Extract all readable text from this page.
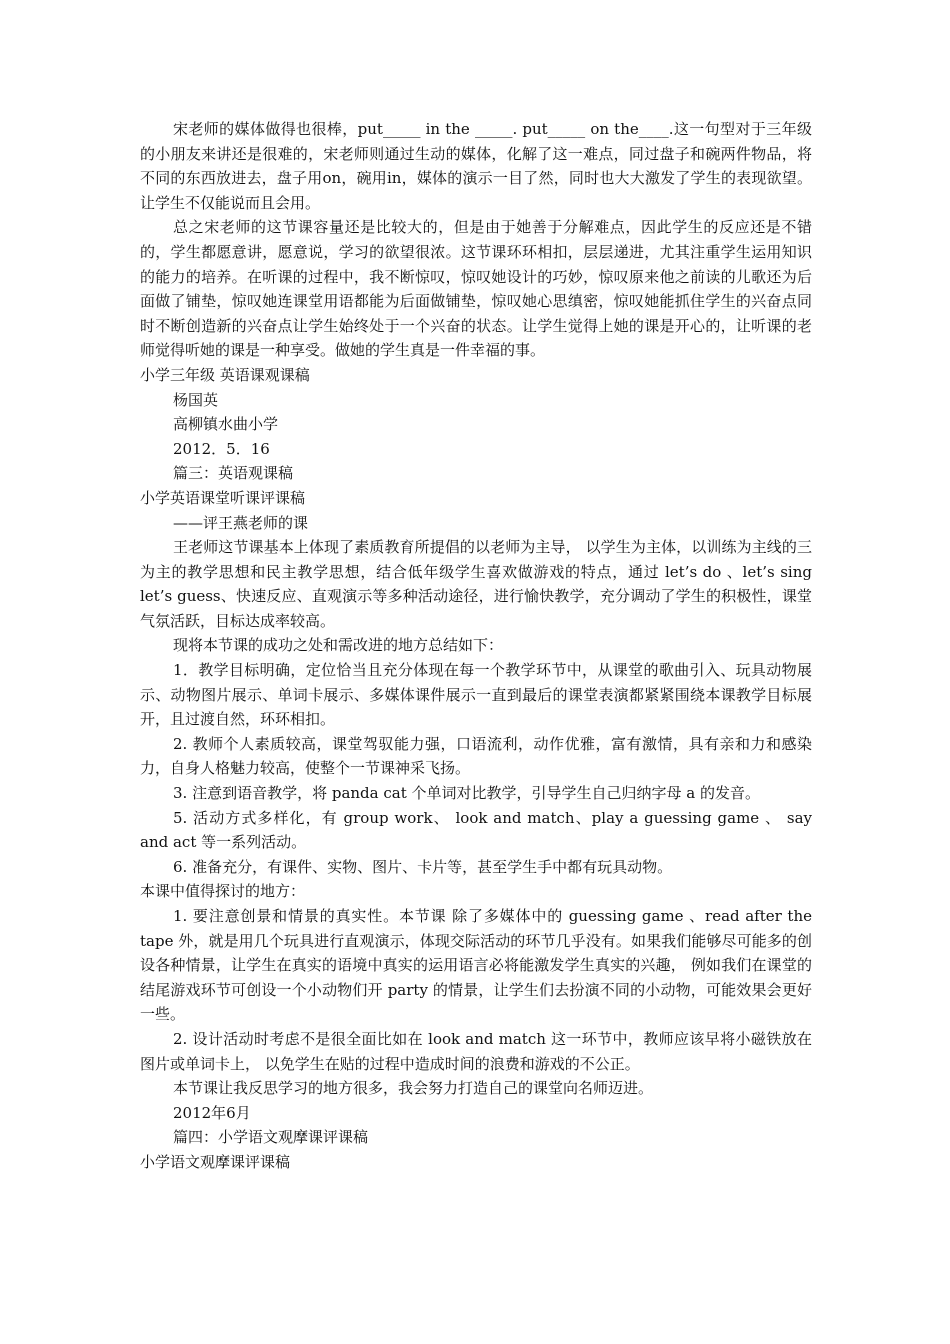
宋老师的媒体做得也很棒，put_____ in the _____. put_____ on the____.这一句型对于三年级的小朋友来讲还是很难的，宋老师则通过生动的媒体，化解了这一难点，同过盘子和碗两件物品，将不同的东西放进去，盘子用on，碗用in，媒体的演示一目了然，同时也大大激发了学生的表现欲望。让学生不仅能说而且会用。

总之宋老师的这节课容量还是比较大的，但是由于她善于分解难点，因此学生的反应还是不错的，学生都愿意讲，愿意说，学习的欲望很浓。这节课环环相扣，层层递进，尤其注重学生运用知识的能力的培养。在听课的过程中，我不断惊叹，惊叹她设计的巧妙，惊叹原来他之前读的儿歌还为后面做了铺垫，惊叹她连课堂用语都能为后面做铺垫，惊叹她心思缜密，惊叹她能抓住学生的兴奋点同时不断创造新的兴奋点让学生始终处于一个兴奋的状态。让学生觉得上她的课是开心的，让听课的老师觉得听她的课是一种享受。做她的学生真是一件幸福的事。

小学三年级 英语课观课稿

杨国英

高柳镇水曲小学

2012．5．16

篇三：英语观课稿

小学英语课堂听课评课稿

——评王燕老师的课

王老师这节课基本上体现了素质教育所提倡的以老师为主导， 以学生为主体，以训练为主线的三为主的教学思想和民主教学思想，结合低年级学生喜欢做游戏的特点，通过 let’s do 、let’s sing let’s guess、快速反应、直观演示等多种活动途径，进行愉快教学，充分调动了学生的积极性，课堂气氛活跃，目标达成率较高。

现将本节课的成功之处和需改进的地方总结如下：

1．教学目标明确，定位恰当且充分体现在每一个教学环节中，从课堂的歌曲引入、玩具动物展示、动物图片展示、单词卡展示、多媒体课件展示一直到最后的课堂表演都紧紧围绕本课教学目标展开，且过渡自然，环环相扣。

2. 教师个人素质较高，课堂驾驭能力强，口语流利，动作优雅，富有激情，具有亲和力和感染力，自身人格魅力较高，使整个一节课神采飞扬。

3. 注意到语音教学，将 panda cat 个单词对比教学，引导学生自己归纳字母 a 的发音。

5. 活动方式多样化，有 group work、 look and match、play a guessing game 、 say and act 等一系列活动。

6. 准备充分，有课件、实物、图片、卡片等，甚至学生手中都有玩具动物。

本课中值得探讨的地方：

1. 要注意创景和情景的真实性。本节课 除了多媒体中的 guessing game 、read after the tape 外，就是用几个玩具进行直观演示，体现交际活动的环节几乎没有。如果我们能够尽可能多的创设各种情景，让学生在真实的语境中真实的运用语言必将能激发学生真实的兴趣， 例如我们在课堂的结尾游戏环节可创设一个小动物们开 party 的情景，让学生们去扮演不同的小动物，可能效果会更好一些。

2. 设计活动时考虑不是很全面比如在 look and match 这一环节中，教师应该早将小磁铁放在图片或单词卡上， 以免学生在贴的过程中造成时间的浪费和游戏的不公正。

本节课让我反思学习的地方很多，我会努力打造自己的课堂向名师迈进。

2012年6月

篇四：小学语文观摩课评课稿

小学语文观摩课评课稿
